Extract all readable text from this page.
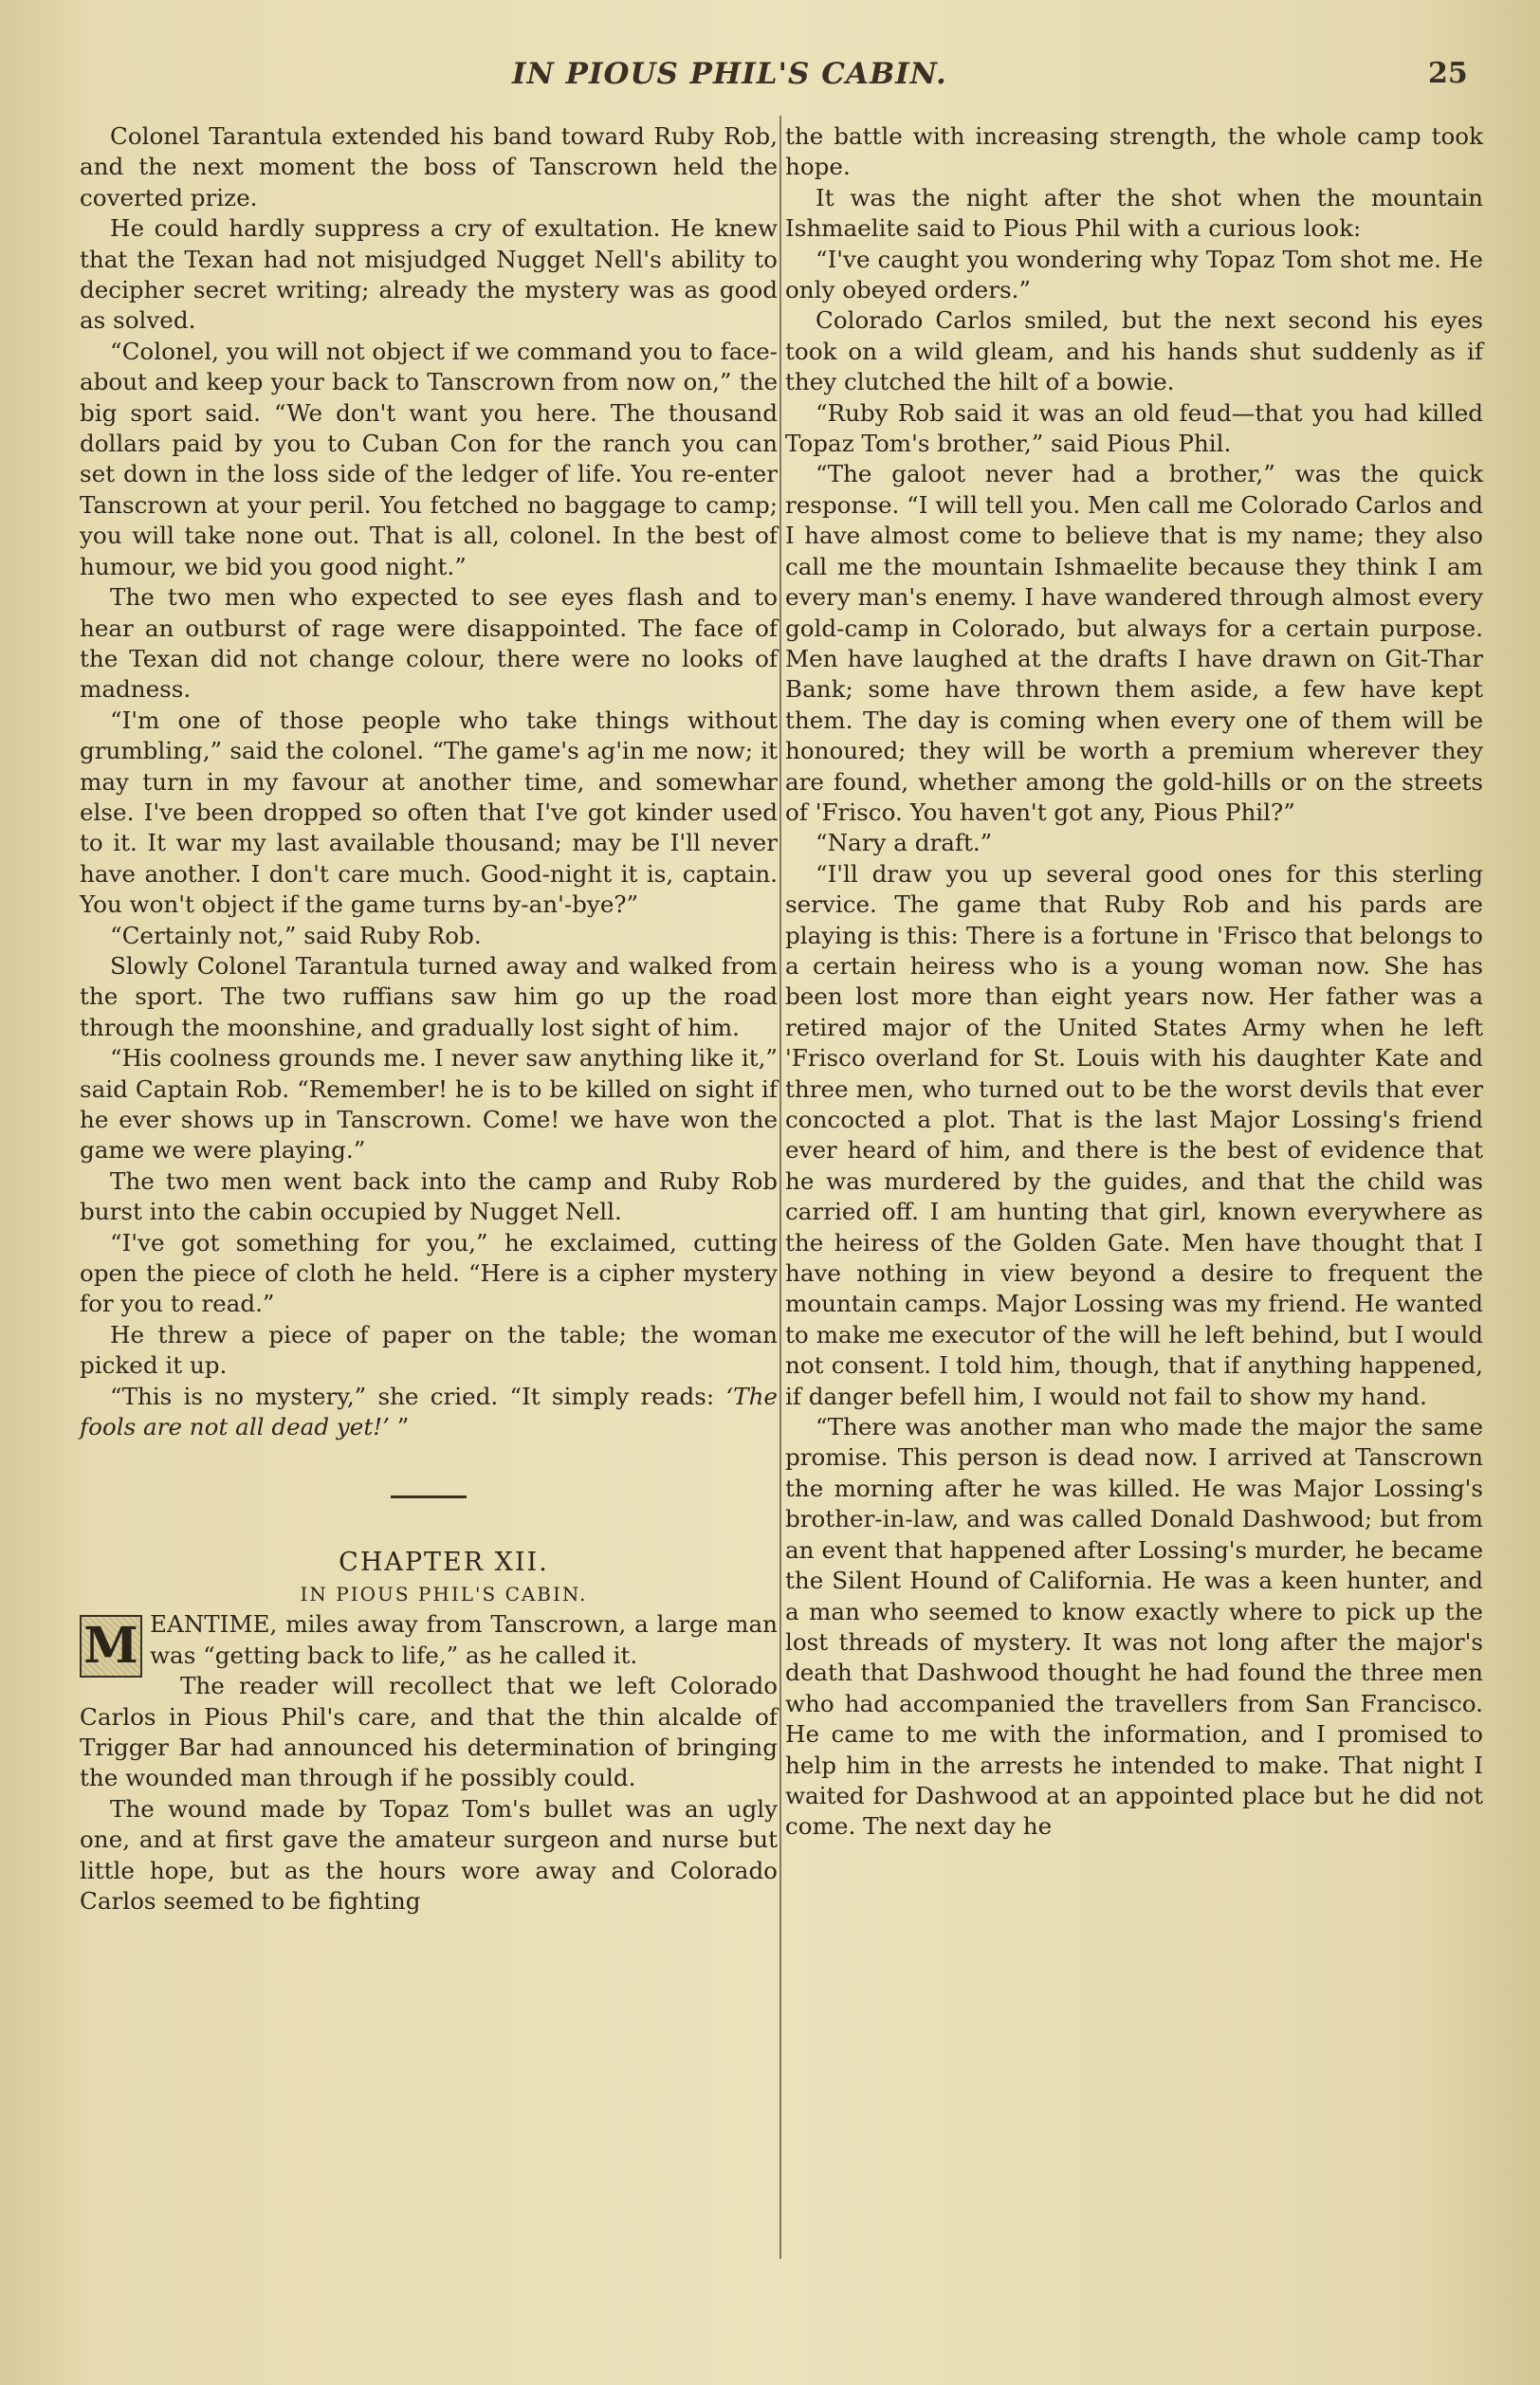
IN PIOUS PHIL'S CABIN.	25

Colonel Tarantula extended his band toward Ruby Rob, and the next moment the boss of Tanscrown held the coverted prize.

He could hardly suppress a cry of exultation. He knew that the Texan had not misjudged Nugget Nell's ability to decipher secret writing; already the mystery was as good as solved.

“Colonel, you will not object if we command you to face-about and keep your back to Tanscrown from now on,” the big sport said. “We don't want you here. The thousand dollars paid by you to Cuban Con for the ranch you can set down in the loss side of the ledger of life. You re-enter Tanscrown at your peril. You fetched no baggage to camp; you will take none out. That is all, colonel. In the best of humour, we bid you good night.”

The two men who expected to see eyes flash and to hear an outburst of rage were disappointed. The face of the Texan did not change colour, there were no looks of madness.

“I'm one of those people who take things without grumbling,” said the colonel. “The game's ag'in me now; it may turn in my favour at another time, and somewhar else. I've been dropped so often that I've got kinder used to it. It war my last available thousand; may be I'll never have another. I don't care much. Good-night it is, captain. You won't object if the game turns by-an'-bye?”

“Certainly not,” said Ruby Rob.

Slowly Colonel Tarantula turned away and walked from the sport. The two ruffians saw him go up the road through the moonshine, and gradually lost sight of him.

“His coolness grounds me. I never saw anything like it,” said Captain Rob. “Remember! he is to be killed on sight if he ever shows up in Tanscrown. Come! we have won the game we were playing.”

The two men went back into the camp and Ruby Rob burst into the cabin occupied by Nugget Nell.

“I've got something for you,” he exclaimed, cutting open the piece of cloth he held. “Here is a cipher mystery for you to read.”

He threw a piece of paper on the table; the woman picked it up.

“This is no mystery,” she cried. “It simply reads: ‘The fools are not all dead yet!’ ”

CHAPTER XII.

IN PIOUS PHIL'S CABIN.

M EANTIME, miles away from Tanscrown, a large man was “getting back to life,” as he called it.

The reader will recollect that we left Colorado Carlos in Pious Phil's care, and that the thin alcalde of Trigger Bar had announced his determination of bringing the wounded man through if he possibly could.

The wound made by Topaz Tom's bullet was an ugly one, and at first gave the amateur surgeon and nurse but little hope, but as the hours wore away and Colorado Carlos seemed to be fighting

the battle with increasing strength, the whole camp took hope.

It was the night after the shot when the mountain Ishmaelite said to Pious Phil with a curious look:

“I've caught you wondering why Topaz Tom shot me. He only obeyed orders.”

Colorado Carlos smiled, but the next second his eyes took on a wild gleam, and his hands shut suddenly as if they clutched the hilt of a bowie.

“Ruby Rob said it was an old feud—that you had killed Topaz Tom's brother,” said Pious Phil.

“The galoot never had a brother,” was the quick response. “I will tell you. Men call me Colorado Carlos and I have almost come to believe that is my name; they also call me the mountain Ishmaelite because they think I am every man's enemy. I have wandered through almost every gold-camp in Colorado, but always for a certain purpose. Men have laughed at the drafts I have drawn on Git-Thar Bank; some have thrown them aside, a few have kept them. The day is coming when every one of them will be honoured; they will be worth a premium wherever they are found, whether among the gold-hills or on the streets of 'Frisco. You haven't got any, Pious Phil?”

“Nary a draft.”

“I'll draw you up several good ones for this sterling service. The game that Ruby Rob and his pards are playing is this: There is a fortune in 'Frisco that belongs to a certain heiress who is a young woman now. She has been lost more than eight years now. Her father was a retired major of the United States Army when he left 'Frisco overland for St. Louis with his daughter Kate and three men, who turned out to be the worst devils that ever concocted a plot. That is the last Major Lossing's friend ever heard of him, and there is the best of evidence that he was murdered by the guides, and that the child was carried off. I am hunting that girl, known everywhere as the heiress of the Golden Gate. Men have thought that I have nothing in view beyond a desire to frequent the mountain camps. Major Lossing was my friend. He wanted to make me executor of the will he left behind, but I would not consent. I told him, though, that if anything happened, if danger befell him, I would not fail to show my hand.

“There was another man who made the major the same promise. This person is dead now. I arrived at Tanscrown the morning after he was killed. He was Major Lossing's brother-in-law, and was called Donald Dashwood; but from an event that happened after Lossing's murder, he became the Silent Hound of California. He was a keen hunter, and a man who seemed to know exactly where to pick up the lost threads of mystery. It was not long after the major's death that Dashwood thought he had found the three men who had accompanied the travellers from San Francisco. He came to me with the information, and I promised to help him in the arrests he intended to make. That night I waited for Dashwood at an appointed place but he did not come. The next day he
